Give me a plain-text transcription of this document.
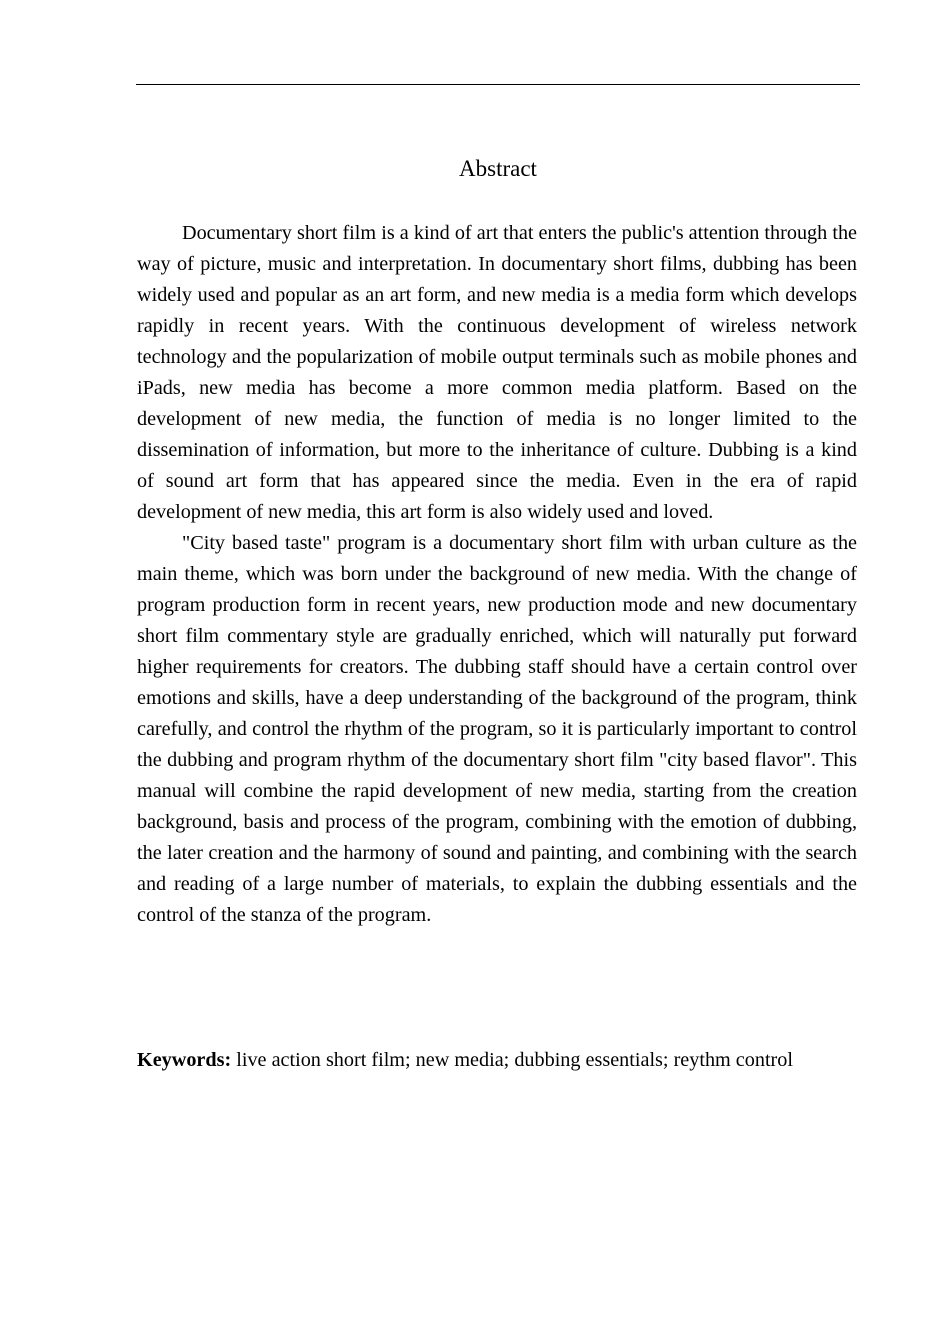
Abstract

Documentary short film is a kind of art that enters the public's attention through the way of picture, music and interpretation. In documentary short films, dubbing has been widely used and popular as an art form, and new media is a media form which develops rapidly in recent years. With the continuous development of wireless network technology and the popularization of mobile output terminals such as mobile phones and iPads, new media has become a more common media platform. Based on the development of new media, the function of media is no longer limited to the dissemination of information, but more to the inheritance of culture. Dubbing is a kind of sound art form that has appeared since the media. Even in the era of rapid development of new media, this art form is also widely used and loved.

"City based taste" program is a documentary short film with urban culture as the main theme, which was born under the background of new media. With the change of program production form in recent years, new production mode and new documentary short film commentary style are gradually enriched, which will naturally put forward higher requirements for creators. The dubbing staff should have a certain control over emotions and skills, have a deep understanding of the background of the program, think carefully, and control the rhythm of the program, so it is particularly important to control the dubbing and program rhythm of the documentary short film "city based flavor". This manual will combine the rapid development of new media, starting from the creation background, basis and process of the program, combining with the emotion of dubbing, the later creation and the harmony of sound and painting, and combining with the search and reading of a large number of materials, to explain the dubbing essentials and the control of the stanza of the program.

Keywords: live action short film; new media; dubbing essentials; reythm control
